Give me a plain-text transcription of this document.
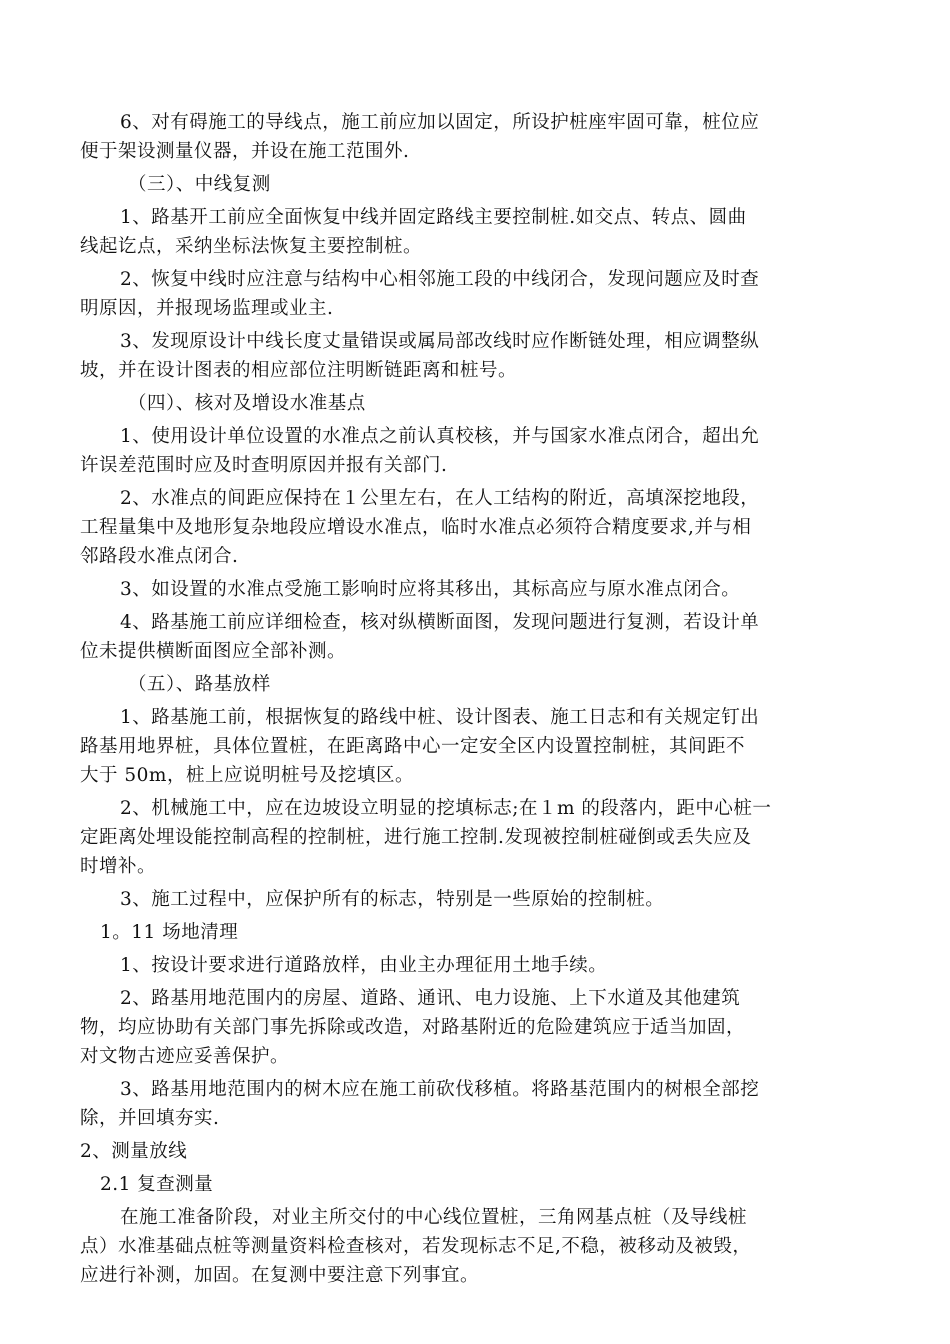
6、对有碍施工的导线点，施工前应加以固定，所设护桩座牢固可靠，桩位应
便于架设测量仪器，并设在施工范围外.
（三）、中线复测
1、路基开工前应全面恢复中线并固定路线主要控制桩.如交点、转点、圆曲
线起讫点，采纳坐标法恢复主要控制桩。
2、恢复中线时应注意与结构中心相邻施工段的中线闭合，发现问题应及时查
明原因，并报现场监理或业主.
3、发现原设计中线长度丈量错误或属局部改线时应作断链处理，相应调整纵
坡，并在设计图表的相应部位注明断链距离和桩号。
（四）、核对及增设水准基点
1、使用设计单位设置的水准点之前认真校核，并与国家水准点闭合，超出允
许误差范围时应及时查明原因并报有关部门.
2、水准点的间距应保持在１公里左右，在人工结构的附近，高填深挖地段，
工程量集中及地形复杂地段应增设水准点，临时水准点必须符合精度要求,并与相
邻路段水准点闭合.
3、如设置的水准点受施工影响时应将其移出，其标高应与原水准点闭合。
4、路基施工前应详细检查，核对纵横断面图，发现问题进行复测，若设计单
位未提供横断面图应全部补测。
（五）、路基放样
1、路基施工前，根据恢复的路线中桩、设计图表、施工日志和有关规定钉出
路基用地界桩，具体位置桩，在距离路中心一定安全区内设置控制桩，其间距不
大于 50m，桩上应说明桩号及挖填区。
2、机械施工中，应在边坡设立明显的挖填标志;在１m 的段落内，距中心桩一
定距离处埋设能控制高程的控制桩，进行施工控制.发现被控制桩碰倒或丢失应及
时增补。
3、施工过程中，应保护所有的标志，特别是一些原始的控制桩。
1。11 场地清理
1、按设计要求进行道路放样，由业主办理征用土地手续。
2、路基用地范围内的房屋、道路、通讯、电力设施、上下水道及其他建筑
物，均应协助有关部门事先拆除或改造，对路基附近的危险建筑应于适当加固，
对文物古迹应妥善保护。
3、路基用地范围内的树木应在施工前砍伐移植。将路基范围内的树根全部挖
除，并回填夯实.
2、测量放线
2.1 复查测量
在施工准备阶段，对业主所交付的中心线位置桩，三角网基点桩（及导线桩
点）水准基础点桩等测量资料检查核对，若发现标志不足,不稳，被移动及被毁，
应进行补测，加固。在复测中要注意下列事宜。
